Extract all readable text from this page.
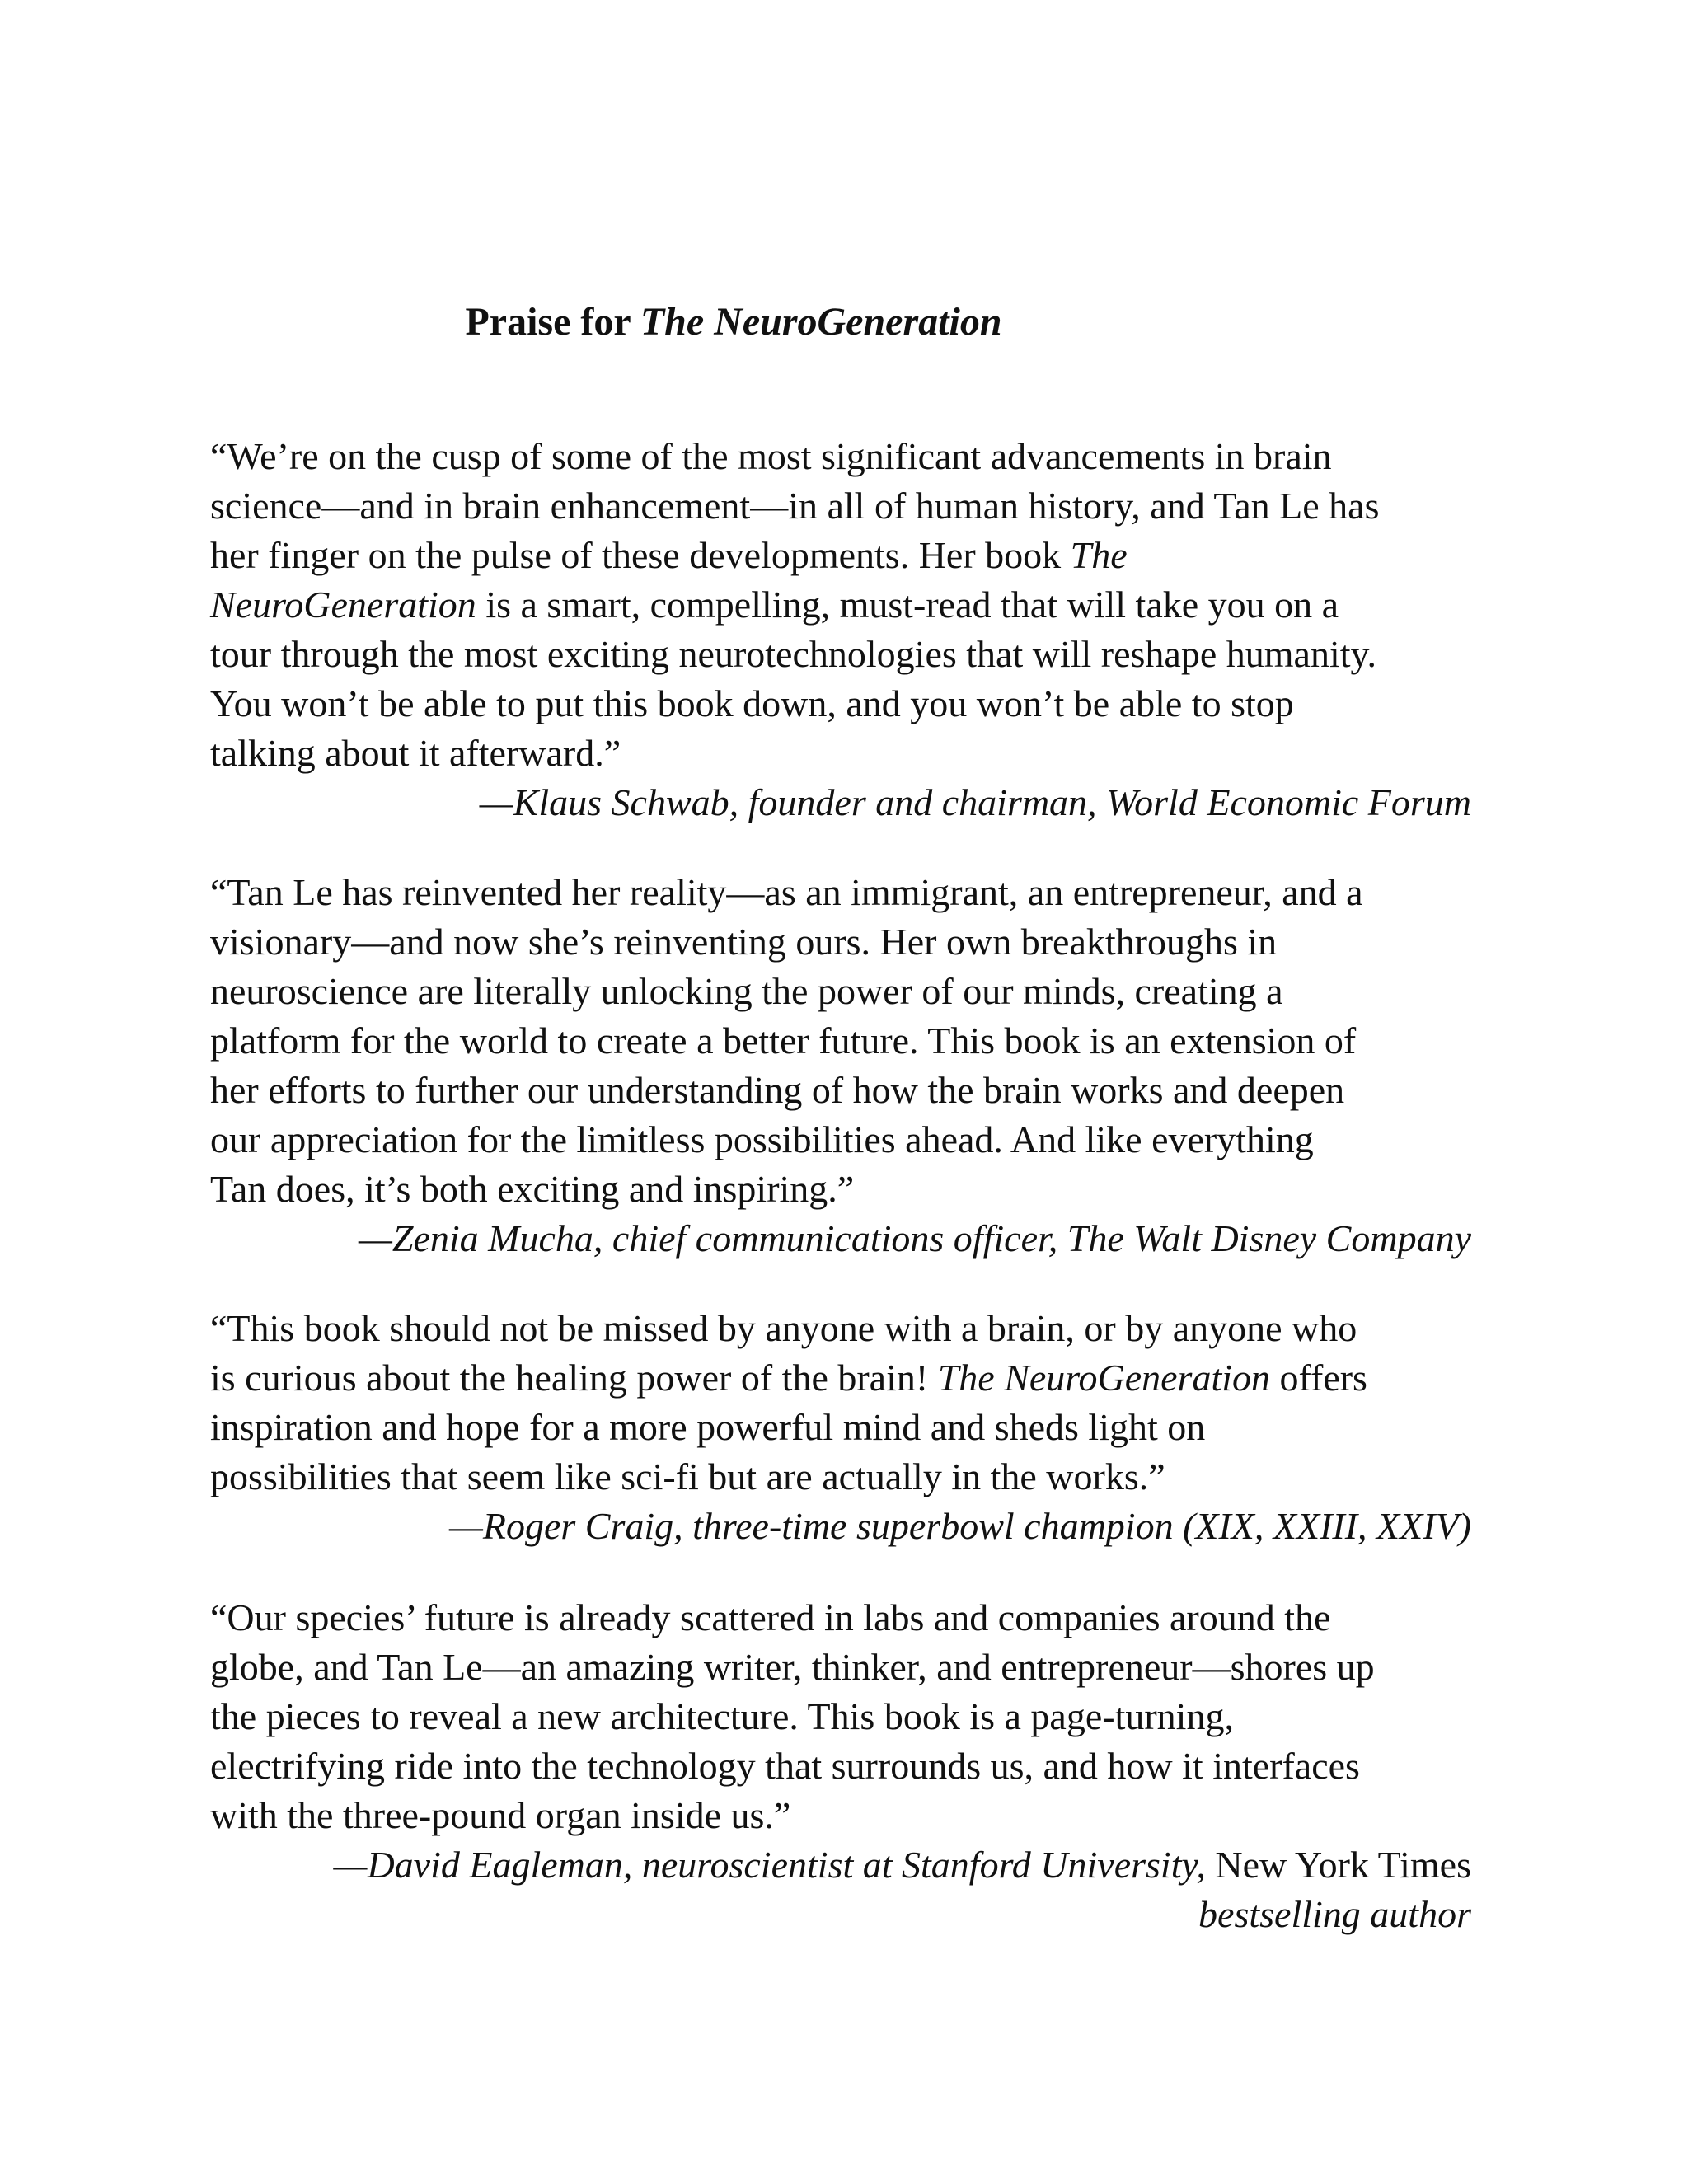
Praise for The NeuroGeneration

“We’re on the cusp of some of the most significant advancements in brain
science—and in brain enhancement—in all of human history, and Tan Le has
her finger on the pulse of these developments. Her book The
NeuroGeneration is a smart, compelling, must-read that will take you on a
tour through the most exciting neurotechnologies that will reshape humanity.
You won’t be able to put this book down, and you won’t be able to stop
talking about it afterward.”

—Klaus Schwab, founder and chairman, World Economic Forum

“Tan Le has reinvented her reality—as an immigrant, an entrepreneur, and a
visionary—and now she’s reinventing ours. Her own breakthroughs in
neuroscience are literally unlocking the power of our minds, creating a
platform for the world to create a better future. This book is an extension of
her efforts to further our understanding of how the brain works and deepen
our appreciation for the limitless possibilities ahead. And like everything
Tan does, it’s both exciting and inspiring.”

—Zenia Mucha, chief communications officer, The Walt Disney Company

“This book should not be missed by anyone with a brain, or by anyone who
is curious about the healing power of the brain! The NeuroGeneration offers
inspiration and hope for a more powerful mind and sheds light on
possibilities that seem like sci-fi but are actually in the works.”

—Roger Craig, three-time superbowl champion (XIX, XXIII, XXIV)

“Our species’ future is already scattered in labs and companies around the
globe, and Tan Le—an amazing writer, thinker, and entrepreneur—shores up
the pieces to reveal a new architecture. This book is a page-turning,
electrifying ride into the technology that surrounds us, and how it interfaces
with the three-pound organ inside us.”

—David Eagleman, neuroscientist at Stanford University, New York Times
bestselling author
